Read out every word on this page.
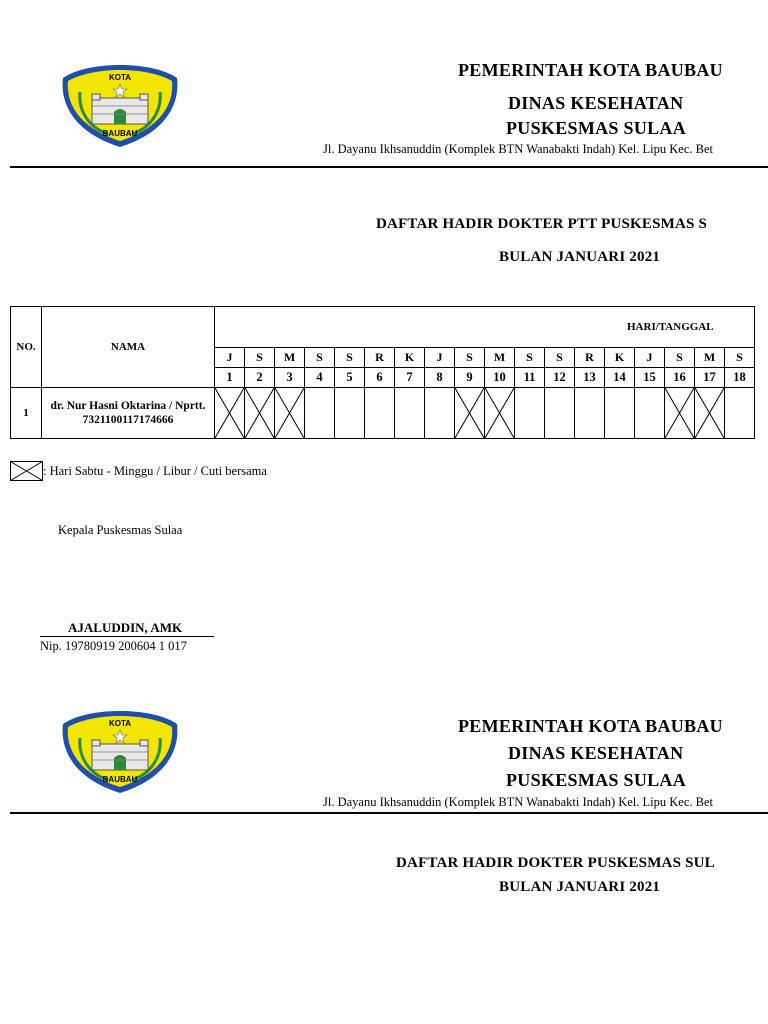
KOTA
BAUBAU
PEMERINTAH KOTA BAUBAU
DINAS KESEHATAN
PUSKESMAS SULAA
Jl. Dayanu Ikhsanuddin (Komplek BTN Wanabakti Indah) Kel. Lipu Kec. Bet
DAFTAR HADIR DOKTER PTT PUSKESMAS S
BULAN JANUARI 2021
NO.	NAMA	HARI/TANGGAL																	
		J	S	M	S	S	R	K	J	S	M	S	S	R	K	J	S	M	S
		1	2	3	4	5	6	7	8	9	10	11	12	13	14	15	16	17	18
1	dr. Nur Hasni Oktarina / Nprtt.
7321100117174666

: Hari Sabtu - Minggu / Libur / Cuti bersama
Kepala Puskesmas Sulaa
AJALUDDIN, AMK
Nip. 19780919 200604 1 017
KOTA
BAUBAU
PEMERINTAH KOTA BAUBAU
DINAS KESEHATAN
PUSKESMAS SULAA
Jl. Dayanu Ikhsanuddin (Komplek BTN Wanabakti Indah) Kel. Lipu Kec. Bet
DAFTAR HADIR DOKTER PUSKESMAS SUL
BULAN JANUARI 2021
